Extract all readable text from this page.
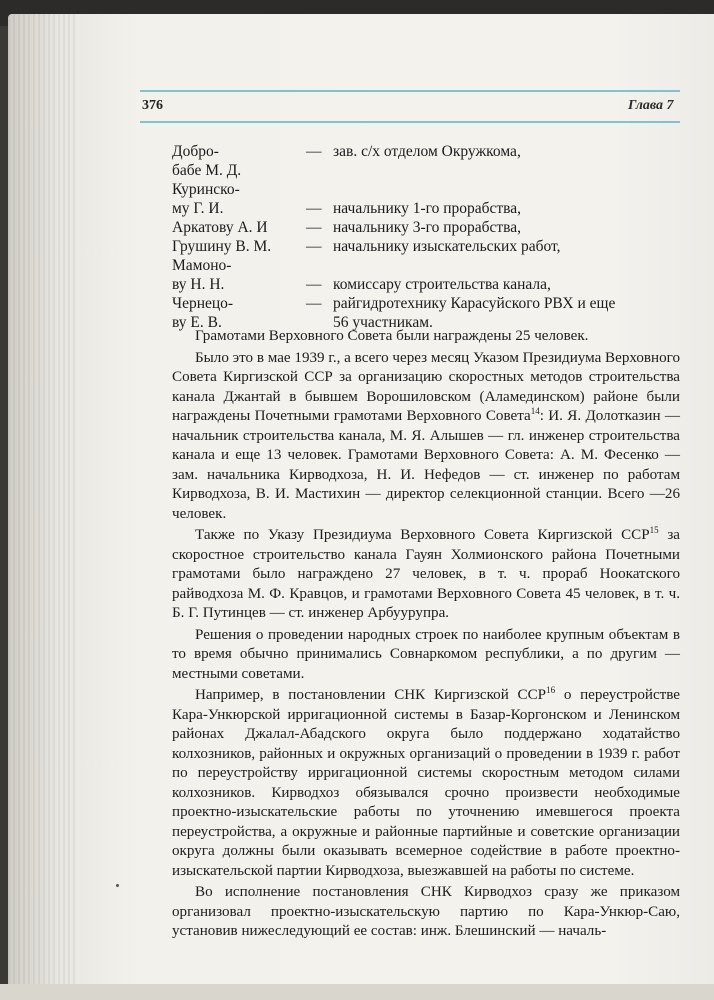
376	Глава 7
Добро-	— зав. с/х отделом Окружкома,
бабе М. Д.
Куринско-
му Г. И.	— начальнику 1-го прорабства,
Аркатову А. И — начальнику 3-го прорабства,
Грушину В. М. — начальнику изыскательских работ,
Мамоно-
ву Н. Н.	— комиссару строительства канала,
Чернецо-	— райгидротехнику Карасуйского РВХ и еще
ву Е. В.	56 участникам.

Грамотами Верховного Совета были награждены 25 человек.

Было это в мае 1939 г., а всего через месяц Указом Президиума Верховного Совета Киргизской ССР за организацию скоростных методов строительства канала Джантай в бывшем Ворошиловском (Аламединском) районе были награждены Почетными грамотами Верховного Совета$^{14}$: И. Я. Долотказин — начальник строительства канала, М. Я. Алышев — гл. инженер строительства канала и еще 13 человек. Грамотами Верховного Совета: А. М. Фесенко — зам. начальника Кирводхоза, Н. И. Нефедов — ст. инженер по работам Кирводхоза, В. И. Мастихин — директор селекционной станции. Всего —26 человек.

Также по Указу Президиума Верховного Совета Киргизской ССР$^{15}$ за скоростное строительство канала Гауян Холмионского района Почетными грамотами было награждено 27 человек, в т. ч. прораб Ноокатского райводхоза М. Ф. Кравцов, и грамотами Верховного Совета 45 человек, в т. ч. Б. Г. Путинцев — ст. инженер Арбуурупра.

Решения о проведении народных строек по наиболее крупным объектам в то время обычно принимались Совнаркомом республики, а по другим — местными советами.

Например, в постановлении СНК Киргизской ССР$^{16}$ о переустройстве Кара-Ункюрской ирригационной системы в Базар-Коргонском и Ленинском районах Джалал-Абадского округа было поддержано ходатайство колхозников, районных и окружных организаций о проведении в 1939 г. работ по переустройству ирригационной системы скоростным методом силами колхозников. Кирводхоз обязывался срочно произвести необходимые проектно-изыскательские работы по уточнению имевшегося проекта переустройства, а окружные и районные партийные и советские организации округа должны были оказывать всемерное содействие в работе проектно-изыскательской партии Кирводхоза, выезжавшей на работы по системе.

Во исполнение постановления СНК Кирводхоз сразу же приказом организовал проектно-изыскательскую партию по Кара-Ункюр-Саю, установив нижеследующий ее состав: инж. Блешинский — началь-
